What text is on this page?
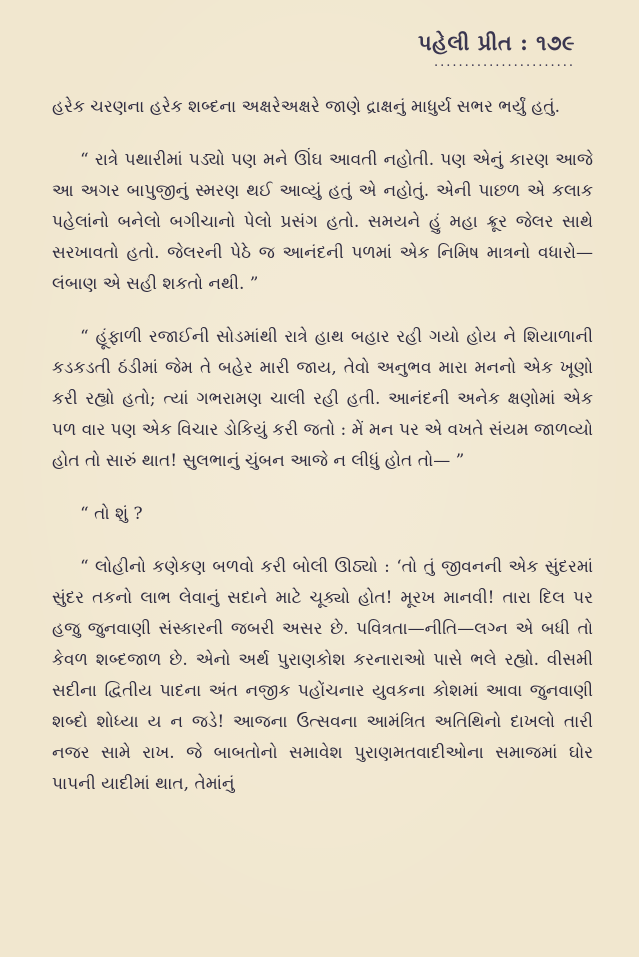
પહેલી પ્રીત : ૧૭૯
.......................

હરેક ચરણના હરેક શબ્દના અક્ષરેઅક્ષરે જાણે દ્રાક્ષનું માધુર્ય સભર ભર્યું હતું.

“ રાત્રે પથારીમાં પડ્યો પણ મને ઊંઘ આવતી નહોતી. પણ એનું કારણ આજે આ અગર બાપુજીનું સ્મરણ થઈ આવ્યું હતું એ નહોતું. એની પાછળ એ કલાક પહેલાંનો બનેલો બગીચાનો પેલો પ્રસંગ હતો. સમયને હું મહા ક્રૂર જેલર સાથે સરખાવતો હતો. જેલરની પેઠે જ આનંદની પળમાં એક નિમિષ માત્રનો વધારો—લંબાણ એ સહી શકતો નથી. ”

“ હૂંફાળી રજાઈની સોડમાંથી રાત્રે હાથ બહાર રહી ગયો હોય ને શિયાળાની કડકડતી ઠંડીમાં જેમ તે બહેર મારી જાય, તેવો અનુભવ મારા મનનો એક ખૂણો કરી રહ્યો હતો; ત્યાં ગભરામણ ચાલી રહી હતી. આનંદની અનેક ક્ષણોમાં એક પળ વાર પણ એક વિચાર ડોકિયું કરી જતો : મેં મન પર એ વખતે સંયમ જાળવ્યો હોત તો સારું થાત! સુલભાનું ચુંબન આજે ન લીધું હોત તો— ”

“ તો શું ?

“ લોહીનો કણેકણ બળવો કરી બોલી ઊઠ્યો : ‘તો તું જીવનની એક સુંદરમાં સુંદર તકનો લાભ લેવાનું સદાને માટે ચૂક્યો હોત! મૂરખ માનવી! તારા દિલ પર હજુ જુનવાણી સંસ્કારની જબરી અસર છે. પવિત્રતા—નીતિ—લગ્ન એ બધી તો કેવળ શબ્દજાળ છે. એનો અર્થ પુરાણકોશ કરનારાઓ પાસે ભલે રહ્યો. વીસમી સદીના દ્વિતીય પાદના અંત નજીક પહોંચનાર યુવકના કોશમાં આવા જુનવાણી શબ્દો શોધ્યા ય ન જડે! આજના ઉત્સવના આમંત્રિત અતિથિનો દાખલો તારી નજર સામે રાખ. જે બાબતોનો સમાવેશ પુરાણમતવાદીઓના સમાજમાં ઘોર પાપની યાદીમાં થાત, તેમાંનું
